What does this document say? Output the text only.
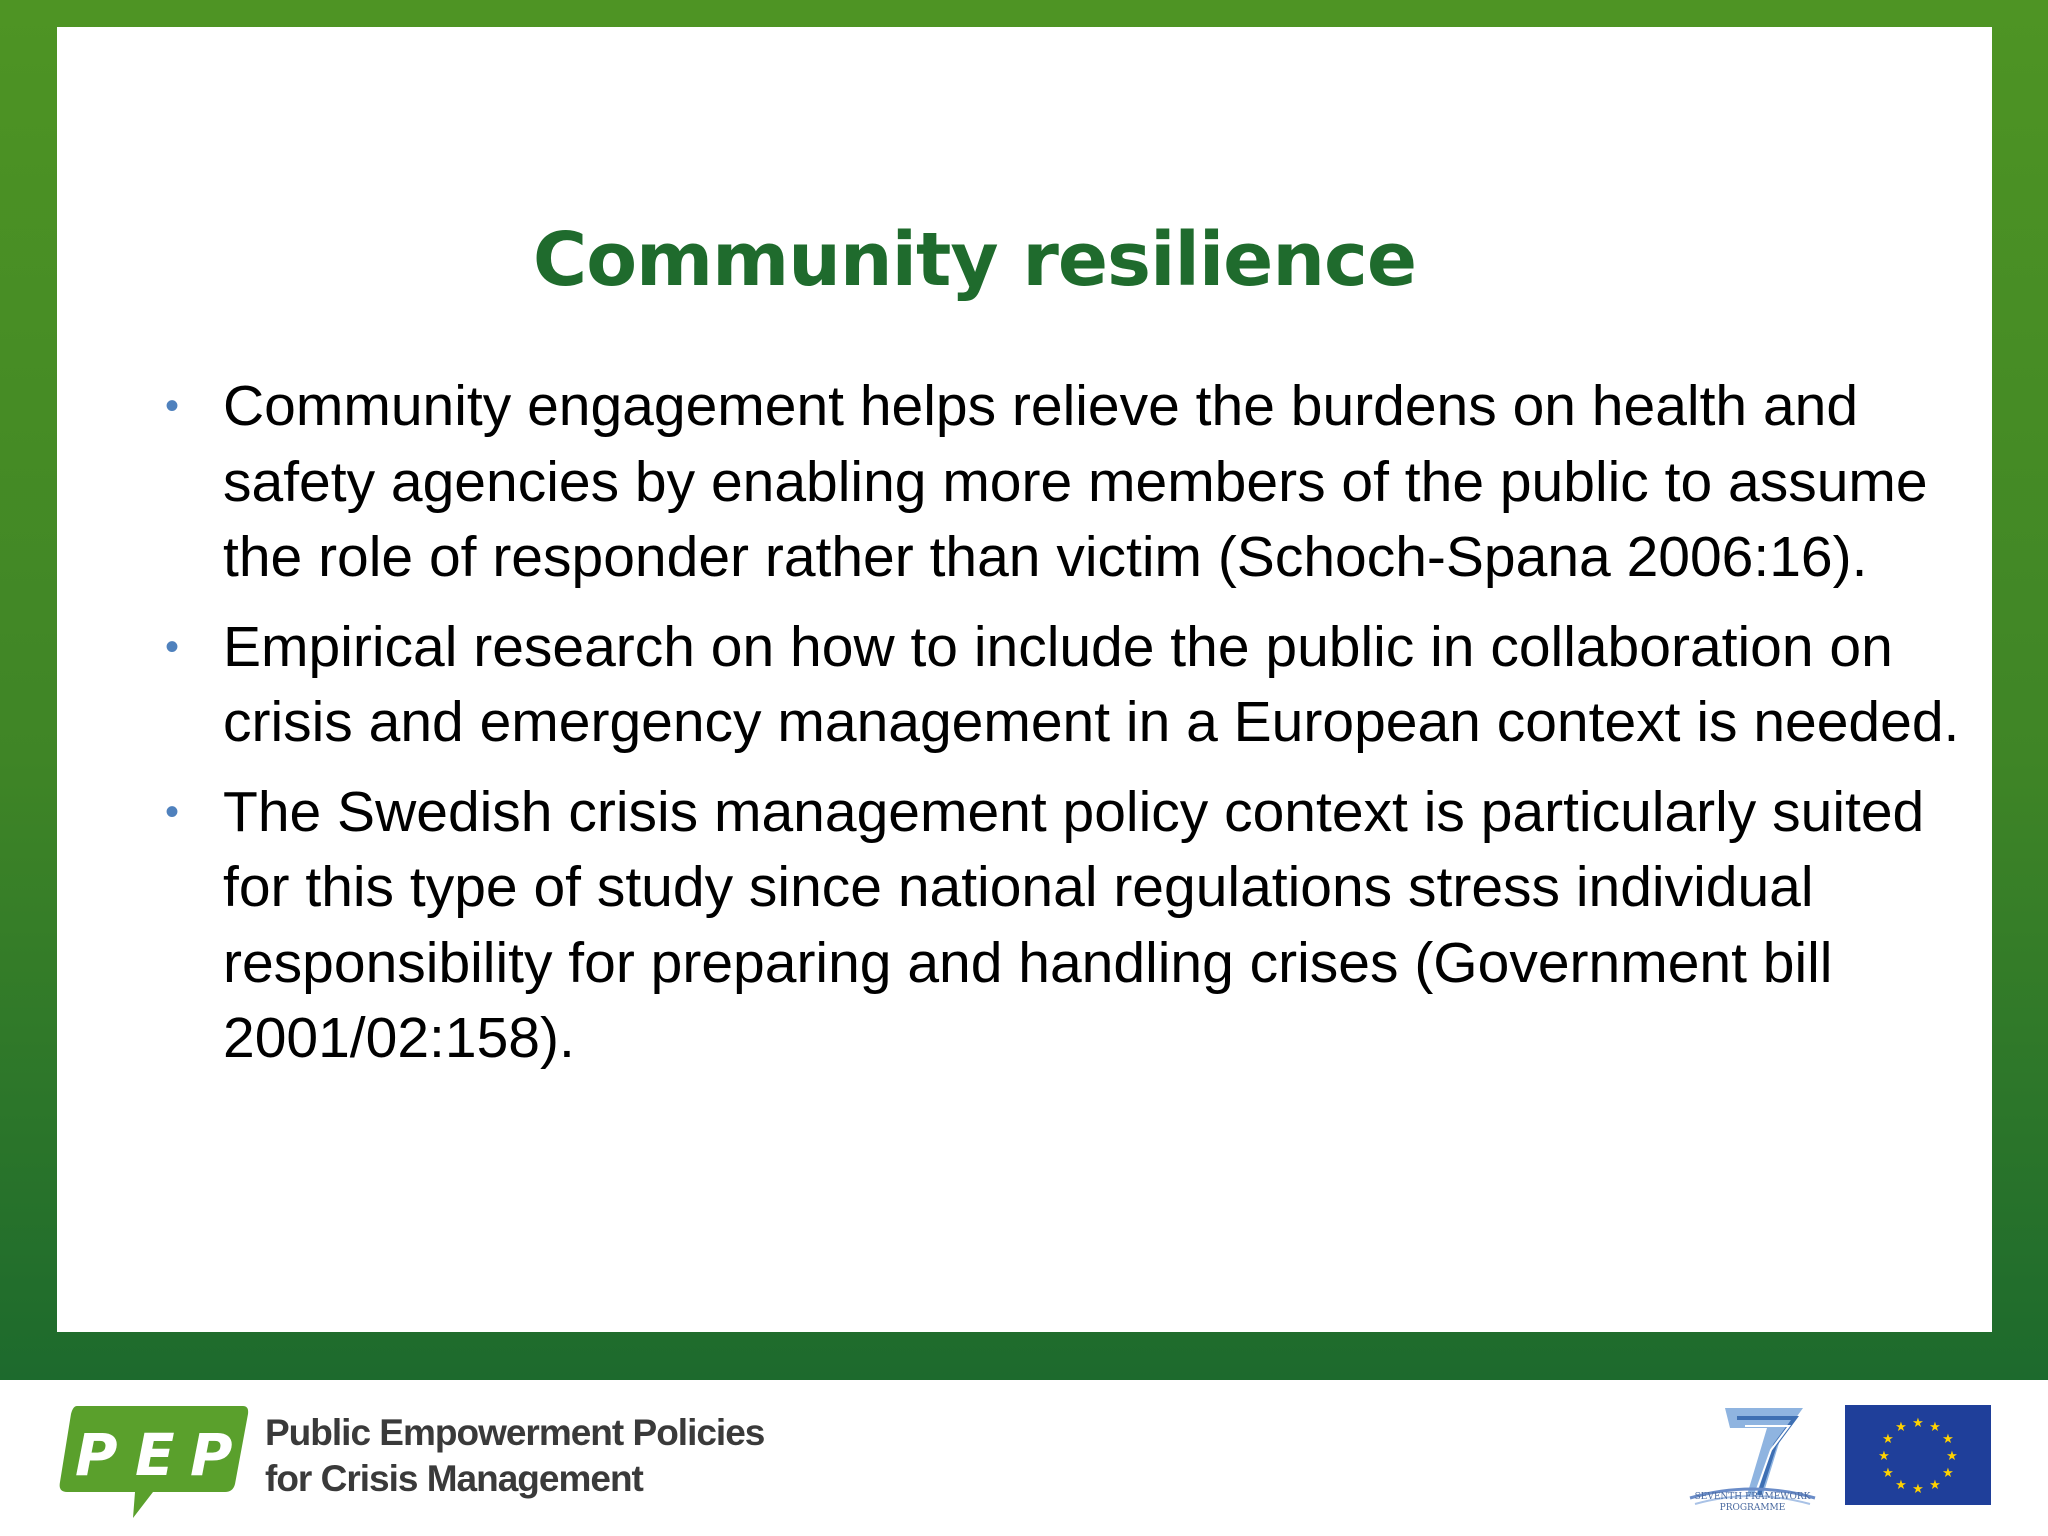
Community resilience
• Community engagement helps relieve the burdens on health and safety agencies by enabling more members of the public to assume the role of responder rather than victim (Schoch-Spana 2006:16).
• Empirical research on how to include the public in collaboration on crisis and emergency management in a European context is needed.
• The Swedish crisis management policy context is particularly suited for this type of study since national regulations stress individual responsibility for preparing and handling crises (Government bill 2001/02:158).
P E P Public Empowerment Policies
for Crisis Management	SEVENTH FRAMEWORK
PROGRAMME
★ ★
★
★
★
★
★
★
★
★
★
★
